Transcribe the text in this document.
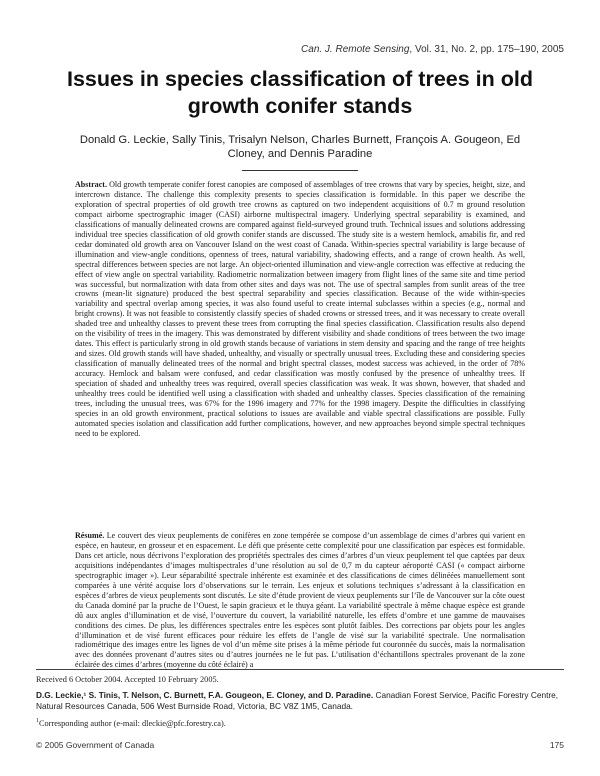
Can. J. Remote Sensing, Vol. 31, No. 2, pp. 175–190, 2005
Issues in species classification of trees in old growth conifer stands

Donald G. Leckie, Sally Tinis, Trisalyn Nelson, Charles Burnett, François A. Gougeon, Ed Cloney, and Dennis Paradine

Abstract. Old growth temperate conifer forest canopies are composed of assemblages of tree crowns that vary by species, height, size, and intercrown distance. The challenge this complexity presents to species classification is formidable. In this paper we describe the exploration of spectral properties of old growth tree crowns as captured on two independent acquisitions of 0.7 m ground resolution compact airborne spectrographic imager (CASI) airborne multispectral imagery. Underlying spectral separability is examined, and classifications of manually delineated crowns are compared against field-surveyed ground truth. Technical issues and solutions addressing individual tree species classification of old growth conifer stands are discussed. The study site is a western hemlock, amabilis fir, and red cedar dominated old growth area on Vancouver Island on the west coast of Canada. Within-species spectral variability is large because of illumination and view-angle conditions, openness of trees, natural variability, shadowing effects, and a range of crown health. As well, spectral differences between species are not large. An object-oriented illumination and view-angle correction was effective at reducing the effect of view angle on spectral variability. Radiometric normalization between imagery from flight lines of the same site and time period was successful, but normalization with data from other sites and days was not. The use of spectral samples from sunlit areas of the tree crowns (mean-lit signature) produced the best spectral separability and species classification. Because of the wide within-species variability and spectral overlap among species, it was also found useful to create internal subclasses within a species (e.g., normal and bright crowns). It was not feasible to consistently classify species of shaded crowns or stressed trees, and it was necessary to create overall shaded tree and unhealthy classes to prevent these trees from corrupting the final species classification. Classification results also depend on the visibility of trees in the imagery. This was demonstrated by different visibility and shade conditions of trees between the two image dates. This effect is particularly strong in old growth stands because of variations in stem density and spacing and the range of tree heights and sizes. Old growth stands will have shaded, unhealthy, and visually or spectrally unusual trees. Excluding these and considering species classification of manually delineated trees of the normal and bright spectral classes, modest success was achieved, in the order of 78% accuracy. Hemlock and balsam were confused, and cedar classification was mostly confused by the presence of unhealthy trees. If speciation of shaded and unhealthy trees was required, overall species classification was weak. It was shown, however, that shaded and unhealthy trees could be identified well using a classification with shaded and unhealthy classes. Species classification of the remaining trees, including the unusual trees, was 67% for the 1996 imagery and 77% for the 1998 imagery. Despite the difficulties in classifying species in an old growth environment, practical solutions to issues are available and viable spectral classifications are possible. Fully automated species isolation and classification add further complications, however, and new approaches beyond simple spectral techniques need to be explored.

Résumé. Le couvert des vieux peuplements de conifères en zone tempérée se compose d’un assemblage de cimes d’arbres qui varient en espèce, en hauteur, en grosseur et en espacement. Le défi que présente cette complexité pour une classification par espèces est formidable. Dans cet article, nous décrivons l’exploration des propriétés spectrales des cimes d’arbres d’un vieux peuplement tel que captées par deux acquisitions indépendantes d’images multispectrales d’une résolution au sol de 0,7 m du capteur aéroporté CASI (« compact airborne spectrographic imager »). Leur séparabilité spectrale inhérente est examinée et des classifications de cimes délinéées manuellement sont comparées à une vérité acquise lors d’observations sur le terrain. Les enjeux et solutions techniques s’adressant à la classification en espèces d’arbres de vieux peuplements sont discutés. Le site d’étude provient de vieux peuplements sur l’île de Vancouver sur la côte ouest du Canada dominé par la pruche de l’Ouest, le sapin gracieux et le thuya géant. La variabilité spectrale à même chaque espèce est grande dû aux angles d’illumination et de visé, l’ouverture du couvert, la variabilité naturelle, les effets d’ombre et une gamme de mauvaises conditions des cimes. De plus, les différences spectrales entre les espèces sont plutôt faibles. Des corrections par objets pour les angles d’illumination et de visé furent efficaces pour réduire les effets de l’angle de visé sur la variabilité spectrale. Une normalisation radiométrique des images entre les lignes de vol d’un même site prises à la même période fut couronnée du succès, mais la normalisation avec des données provenant d’autres sites ou d’autres journées ne le fut pas. L’utilisation d’échantillons spectrales provenant de la zone éclairée des cimes d’arbres (moyenne du côté éclairé) a

Received 6 October 2004. Accepted 10 February 2005.

D.G. Leckie,¹ S. Tinis, T. Nelson, C. Burnett, F.A. Gougeon, E. Cloney, and D. Paradine. Canadian Forest Service, Pacific Forestry Centre, Natural Resources Canada, 506 West Burnside Road, Victoria, BC V8Z 1M5, Canada.

$^1$Corresponding author (e-mail: dleckie@pfc.forestry.ca).
© 2005 Government of Canada	175
